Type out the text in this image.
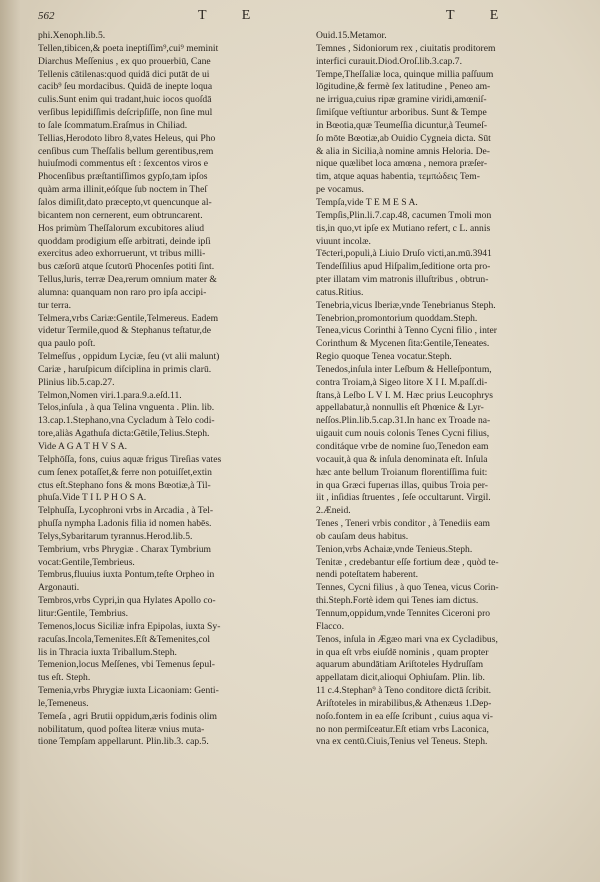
562	T E	T E
phi.Xenoph.lib.5.
Tellen,tibicen,& poeta ineptiſſim⁹,cui⁹ meminit
Diarchus Meſſenius , ex quo prouerbiū, Cane
Tellenis cātilenas:quod quidā dici putāt de ui
cacib⁹ ſeu mordacibus. Quidā de inepte loqua
culis.Sunt enim qui tradant,huic iocos quoſdā
verſibus lepidiſſimis deſcripſiſſe, non ſine mul
to ſale ſcommatum.Eraſmus in Chiliad.
Tellias,Herodoto libro 8,vates Heleus, qui Pho
cenſibus cum Theſſalis bellum gerentibus,rem
huiuſmodi commentus eſt : ſexcentos viros e
Phocenſibus præſtantiſſimos gypſo,tam ipſos
quàm arma illinit,eóſque ſub noctem in Theſ
ſalos dimiſit,dato præcepto,vt quencunque al-
bicantem non cernerent, eum obtruncarent.
Hos primùm Theſſalorum excubitores aliud
quoddam prodigium eſſe arbitrati, deinde ipſi
exercitus adeo exhorruerunt, vt tribus milli-
bus cæſorū atque ſcutorū Phocenſes potiti ſint.
Tellus,luris, terræ Dea,rerum omnium mater &
alumna: quanquam non raro pro ipſa accipi-
tur terra.
Telmera,vrbs Cariæ:Gentile,Telmereus. Eadem
videtur Termile,quod & Stephanus teſtatur,de
qua paulo poſt.
Telmeſſus , oppidum Lyciæ, ſeu (vt alii malunt)
Cariæ , haruſpicum diſciplina in primis clarū.
Plinius lib.5.cap.27.
Telmon,Nomen viri.1.para.9.a.eſd.11.
Telos,inſula , à qua Telina vnguenta . Plin. lib.
13.cap.1.Stephano,vna Cycladum à Telo codi-
tore,aliàs Agathuſa dicta:Gētile,Telius.Steph.
Vide A G A T H V S A.
Telphōſſa, fons, cuius aquæ frigus Tireſias vates
cum ſenex potaſſet,& ferre non potuiſſet,extin
ctus eſt.Stephano fons & mons Bœotiæ,à Til-
phuſa.Vide T I L P H O S A.
Telphuſſa, Lycophroni vrbs in Arcadia , à Tel-
phuſſa nympha Ladonis filia id nomen habēs.
Telys,Sybaritarum tyrannus.Herod.lib.5.
Tembrium, vrbs Phrygiæ . Charax Tymbrium
vocat:Gentile,Tembrieus.
Tembrus,fluuius iuxta Pontum,teſte Orpheo in
Argonauti.
Tembros,vrbs Cypri,in qua Hylates Apollo co-
litur:Gentile, Tembrius.
Temenos,locus Siciliæ infra Epipolas, iuxta Sy-
racuſas.Incola,Temenites.Eſt &Temenites,col
lis in Thracia iuxta Triballum.Steph.
Temenion,locus Meſſenes, vbi Temenus ſepul-
tus eſt. Steph.
Temenia,vrbs Phrygiæ iuxta Licaoniam: Genti-
le,Temeneus.
Temeſa , agri Brutii oppidum,æris fodinis olim
nobilitatum, quod poſtea literæ vnius muta-
tione Tempſam appellarunt. Plin.lib.3. cap.5.
Ouid.15.Metamor.
Temnes , Sidoniorum rex , ciuitatis proditorem
interfici curauit.Diod.Oroſ.lib.3.cap.7.
Tempe,Theſſaliæ loca, quinque millia paſſuum
lōgitudine,& fermè ſex latitudine , Peneo am-
ne irrigua,cuius ripæ gramine viridi,amœniſ-
ſimiſque veſtiuntur arboribus. Sunt & Tempe
in Bœotia,quæ Teumeſſia dicuntur,à Teumeſ-
ſo mōte Bœotiæ,ab Ouidio Cygneia dicta. Sūt
& alia in Sicilia,à nomine amnis Heloria. De-
nique quælibet loca amœna , nemora præſer-
tim, atque aquas habentia, τεμπώδεις Tem-
pe vocamus.
Tempſa,vide T E M E S A.
Tempſis,Plin.li.7.cap.48, cacumen Tmoli mon
tis,in quo,vt ipſe ex Mutiano refert, c L. annis
viuunt incolæ.
Tēcteri,populi,à Liuio Druſo victi,an.mū.3941
Tendeſſilius apud Hiſpalim,ſeditione orta pro-
pter illatam vim matronis illuſtribus , obtrun-
catus.Ritius.
Tenebria,vicus Iberiæ,vnde Tenebrianus Steph.
Tenebrion,promontorium quoddam.Steph.
Tenea,vicus Corinthi à Tenno Cycni filio , inter
Corinthum & Mycenen ſita:Gentile,Teneates.
Regio quoque Tenea vocatur.Steph.
Tenedos,inſula inter Leſbum & Helleſpontum,
contra Troiam,à Sigeo litore X I I. M.paſſ.di-
ſtans,à Leſbo L V I. M. Hæc prius Leucophrys
appellabatur,à nonnullis eſt Phœnice & Lyr-
neſſos.Plin.lib.5.cap.31.In hanc ex Troade na-
uigauit cum nouis colonis Tenes Cycni filius,
conditáque vrbe de nomine ſuo,Tenedon eam
vocauit,à qua & inſula denominata eſt. Inſula
hæc ante bellum Troianum florentiſſima fuit:
in qua Græci fuperıas illas, quibus Troia per-
iit , inſidias ſtruentes , ſeſe occultarunt. Virgil.
2.Æneid.
Tenes , Teneri vrbis conditor , à Tenediis eam
ob cauſam deus habitus.
Tenion,vrbs Achaiæ,vnde Tenieus.Steph.
Tenitæ , credebantur eſſe fortium deæ , quòd te-
nendi poteſtatem haberent.
Tennes, Cycni filius , à quo Tenea, vicus Corin-
thi.Steph.Fortè idem qui Tenes iam dictus.
Tennum,oppidum,vnde Tennites Ciceroni pro
Flacco.
Tenos, inſula in Ægæo mari vna ex Cycladibus,
in qua eſt vrbs eiuſdē nominis , quam propter
aquarum abundātiam Ariſtoteles Hydruſſam
appellatam dicit,alioqui Ophiuſam. Plin. lib.
11 c.4.Stephan⁹ à Teno conditore dictā ſcribit.
Ariſtoteles in mirabilibus,& Athenæus 1.Dep-
noſo.fontem in ea eſſe ſcribunt , cuius aqua vi-
no non permiſceatur.Eſt etiam vrbs Laconica,
vna ex centū.Ciuis,Tenius vel Teneus. Steph.
